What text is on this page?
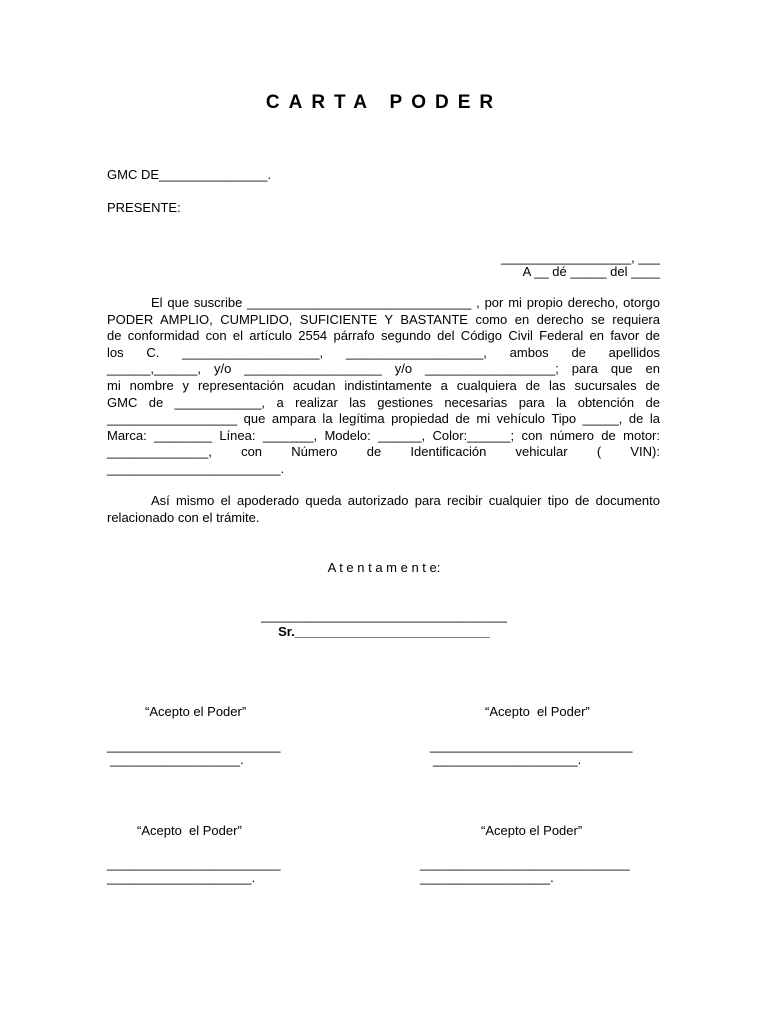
CARTA PODER
GMC DE_______________.
PRESENTE:
__________________, ___
A __ dé _____ del ____
El que suscribe _______________________________ , por mi propio derecho, otorgo
PODER AMPLIO, CUMPLIDO, SUFICIENTE Y BASTANTE como en derecho se requiera
de conformidad con el artículo 2554 párrafo segundo del Código Civil Federal en favor de
los C. ___________________, ___________________, ambos de apellidos
______,______, y/o ___________________ y/o __________________; para que en
mi nombre y representación acudan indistintamente a cualquiera de las sucursales de
GMC de ____________, a realizar las gestiones necesarias para la obtención de
__________________ que ampara la legítima propiedad de mi vehículo Tipo _____, de la
Marca: ________ Línea: _______, Modelo: ______, Color:______; con número de motor:
______________, con Número de Identificación vehicular ( VIN):
________________________.
Así mismo el apoderado queda autorizado para recibir cualquier tipo de documento
relacionado con el trámite.
A t e n t a m e n t e:
__________________________________
Sr.___________________________
“Acepto el Poder”
________________________
__________________.
“Acepto  el Poder”
____________________________
____________________.
“Acepto  el Poder”
________________________
____________________.
“Acepto el Poder”
_____________________________
__________________.
